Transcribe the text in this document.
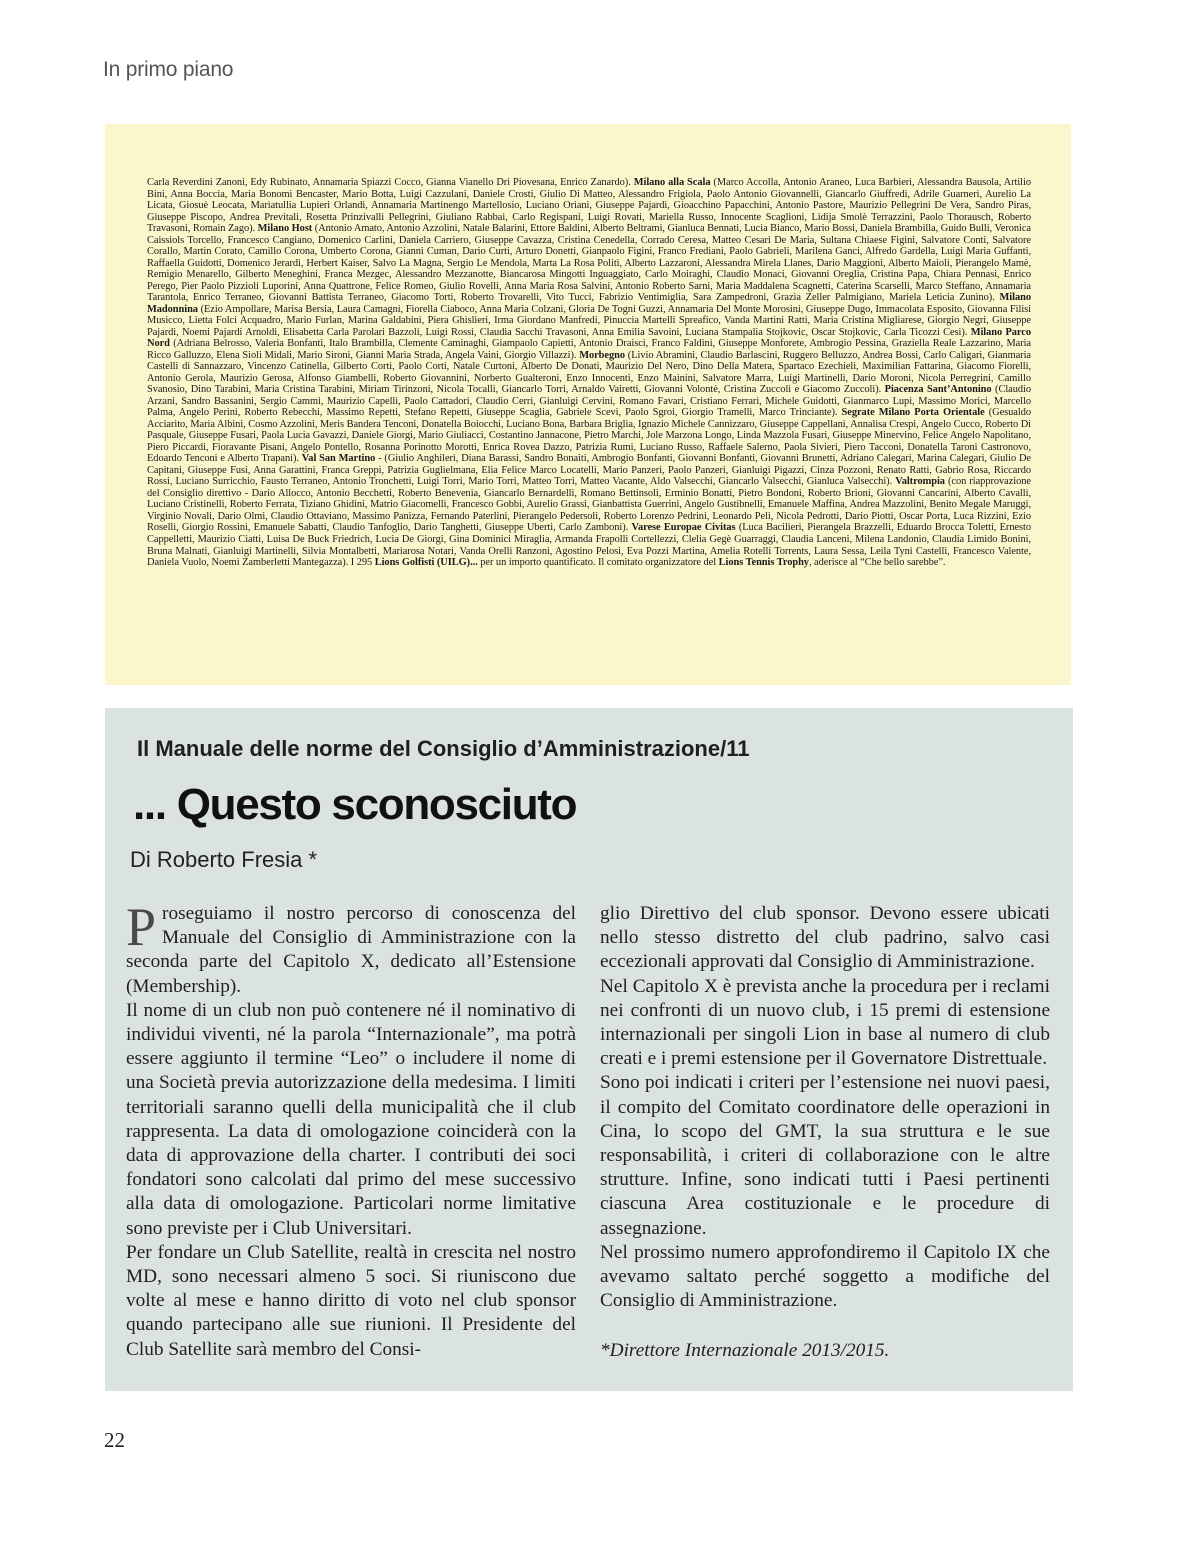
In primo piano
Carla Reverdini Zanoni, Edy Rubinato, Annamaria Spiazzi Cocco, Gianna Vianello Dri Piovesana, Enrico Zanardo). Milano alla Scala (Marco Accolla, Antonio Araneo, Luca Barbieri, Alessandra Bausola, Artilio Bini, Anna Boccia, Maria Bonomi Bencaster, Mario Botta, Luigi Cazzulani, Daniele Crosti, Giulio Di Matteo, Alessandro Frigiola, Paolo Antonio Giovannelli, Giancarlo Giuffredi, Adrile Guarneri, Aurelio La Licata, Giosuè Leocata, Mariatullia Lupieri Orlandi, Annamaria Martinengo Martellosio, Luciano Oriani, Giuseppe Pajardi, Gioacchino Papacchini, Antonio Pastore, Maurizio Pellegrini De Vera, Sandro Piras, Giuseppe Piscopo, Andrea Previtali, Rosetta Prinzivalli Pellegrini, Giuliano Rabbai, Carlo Regispani, Luigi Rovati, Mariella Russo, Innocente Scaglioni, Lidija Smolè Terrazzini, Paolo Thorausch, Roberto Travasoni, Romain Zago). Milano Host (Antonio Amato, Antonio Azzolini, Natale Balarini, Ettore Baldini, Alberto Beltrami, Gianluca Bennati, Lucia Bianco, Mario Bossi, Daniela Brambilla, Guido Bulli, Veronica Caissiols Torcello, Francesco Cangiano, Domenico Carlini, Daniela Carriero, Giuseppe Cavazza, Cristina Cenedella, Corrado Ceresa, Matteo Cesari De Maria, Sultana Chiaese Figini, Salvatore Conti, Salvatore Corallo, Martin Corato, Camillo Corona, Umberto Corona, Gianni Cuman, Dario Curti, Arturo Donetti, Gianpaolo Figini, Franco Frediani, Paolo Gabrieli, Marilena Ganci, Alfredo Gardella, Luigi Maria Guffanti, Raffaella Guidotti, Domenico Jerardi, Herbert Kaiser, Salvo La Magna, Sergio Le Mendola, Marta La Rosa Politi, Alberto Lazzaroni, Alessandra Mirela Llanes, Dario Maggioni, Alberto Maioli, Pierangelo Mamè, Remigio Menarello, Gilberto Meneghini, Franca Mezgec, Alessandro Mezzanotte, Biancarosa Mingotti Inguaggiato, Carlo Moiraghi, Claudio Monaci, Giovanni Oreglia, Cristina Papa, Chiara Pennasi, Enrico Perego, Pier Paolo Pizzioli Luporini, Anna Quattrone, Felice Romeo, Giulio Rovelli, Anna Maria Rosa Salvini, Antonio Roberto Sarni, Maria Maddalena Scagnetti, Caterina Scarselli, Marco Steffano, Annamaria Tarantola, Enrico Terraneo, Giovanni Battista Terraneo, Giacomo Torti, Roberto Trovarelli, Vito Tucci, Fabrizio Ventimiglia, Sara Zampedroni, Grazia Zeller Palmigiano, Mariela Leticia Zunino). Milano Madonnina (Ezio Ampollare, Marisa Bersia, Laura Camagni, Fiorella Ciaboco, Anna Maria Colzani, Gloria De Togni Guzzi, Annamaria Del Monte Morosini, Giuseppe Dugo, Immacolata Esposito, Giovanna Filisi Musicco, Lietta Folci Acquadro, Mario Furlan, Marina Galdabini, Piera Ghislieri, Irma Giordano Manfredi, Pinuccia Martelli Spreafico, Vanda Martini Ratti, Maria Cristina Migliarese, Giorgio Negri, Giuseppe Pajardi, Noemi Pajardi Arnoldi, Elisabetta Carla Parolari Bazzoli, Luigi Rossi, Claudia Sacchi Travasoni, Anna Emilia Savoini, Luciana Stampalia Stojkovic, Oscar Stojkovic, Carla Ticozzi Cesi). Milano Parco Nord (Adriana Belrosso, Valeria Bonfanti, Italo Brambilla, Clemente Caminaghi, Giampaolo Capietti, Antonio Draisci, Franco Faldini, Giuseppe Monforete, Ambrogio Pessina, Graziella Reale Lazzarino, Maria Ricco Galluzzo, Elena Sioli Midali, Mario Sironi, Gianni Maria Strada, Angela Vaini, Giorgio Villazzi). Morbegno (Livio Abramini, Claudio Barlascini, Ruggero Belluzzo, Andrea Bossi, Carlo Caligari, Gianmaria Castelli di Sannazzaro, Vincenzo Catinella, Gilberto Corti, Paolo Corti, Natale Curtoni, Alberto De Donati, Maurizio Del Nero, Dino Della Matera, Spartaco Ezechieli, Maximilian Fattarina, Giacomo Fiorelli, Antonio Gerola, Maurizio Gerosa, Alfonso Giambelli, Roberto Giovannini, Norberto Gualteroni, Enzo Innocenti, Enzo Mainini, Salvatore Marra, Luigi Martinelli, Dario Moroni, Nicola Perregrini, Camillo Svanosio, Dino Tarabini, Maria Cristina Tarabini, Miriam Tirinzoni, Nicola Tocalli, Giancarlo Torri, Arnaldo Vairetti, Giovanni Volontè, Cristina Zuccoli e Giacomo Zuccoli). Piacenza Sant’Antonino (Claudio Arzani, Sandro Bassanini, Sergio Cammi, Maurizio Capelli, Paolo Cattadori, Claudio Cerri, Gianluigi Cervini, Romano Favari, Cristiano Ferrari, Michele Guidotti, Gianmarco Lupi, Massimo Morici, Marcello Palma, Angelo Perini, Roberto Rebecchi, Massimo Repetti, Stefano Repetti, Giuseppe Scaglia, Gabriele Scevi, Paolo Sgroi, Giorgio Tramelli, Marco Trinciante). Segrate Milano Porta Orientale (Gesualdo Acciarito, Maria Albini, Cosmo Azzolini, Meris Bandera Tenconi, Donatella Boiocchi, Luciano Bona, Barbara Briglia, Ignazio Michele Cannizzaro, Giuseppe Cappellani, Annalisa Crespi, Angelo Cucco, Roberto Di Pasquale, Giuseppe Fusari, Paola Lucia Gavazzi, Daniele Giorgi, Mario Giuliacci, Costantino Jannacone, Pietro Marchi, Jole Marzona Longo, Linda Mazzola Fusari, Giuseppe Minervino, Felice Angelo Napolitano, Piero Piccardi, Fioravante Pisani, Angelo Pontello, Rosanna Porinotto Morotti, Enrica Rovea Dazzo, Patrizia Rumi, Luciano Russo, Raffaele Salerno, Paola Sivieri, Piero Tacconi, Donatella Taroni Castronovo, Edoardo Tenconi e Alberto Trapani). Val San Martino - (Giulio Anghileri, Diana Barassi, Sandro Bonaiti, Ambrogio Bonfanti, Giovanni Bonfanti, Giovanni Brunetti, Adriano Calegari, Marina Calegari, Giulio De Capitani, Giuseppe Fusi, Anna Garattini, Franca Greppi, Patrizia Guglielmana, Elia Felice Marco Locatelli, Mario Panzeri, Paolo Panzeri, Gianluigi Pigazzi, Cinza Pozzoni, Renato Ratti, Gabrio Rosa, Riccardo Rossi, Luciano Surricchio, Fausto Terraneo, Antonio Tronchetti, Luigi Torri, Mario Torri, Matteo Torri, Matteo Vacante, Aldo Valsecchi, Giancarlo Valsecchi, Gianluca Valsecchi). Valtrompia (con riapprovazione del Consiglio direttivo - Dario Allocco, Antonio Becchetti, Roberto Benevenia, Giancarlo Bernardelli, Romano Bettinsoli, Erminio Bonatti, Pietro Bondoni, Roberto Brioni, Giovanni Cancarini, Alberto Cavalli, Luciano Cristinelli, Roberto Ferrata, Tiziano Ghidini, Matrio Giacomelli, Francesco Gobbi, Aurelio Grassi, Gianbattista Guerrini, Angelo Gustibnelli, Emanuele Maffina, Andrea Mazzolini, Benito Megale Maruggi, Virginio Novali, Dario Olmi, Claudio Ottaviano, Massimo Panizza, Fernando Paterlini, Pierangelo Pedersoli, Roberto Lorenzo Pedrini, Leonardo Peli, Nicola Pedrotti, Dario Piotti, Oscar Porta, Luca Rizzini, Ezio Roselli, Giorgio Rossini, Emanuele Sabatti, Claudio Tanfoglio, Dario Tanghetti, Giuseppe Uberti, Carlo Zamboni). Varese Europae Civitas (Luca Bacilieri, Pierangela Brazzelli, Eduardo Brocca Toletti, Ernesto Cappelletti, Maurizio Ciatti, Luisa De Buck Friedrich, Lucia De Giorgi, Gina Dominici Miraglia, Armanda Frapolli Cortellezzi, Clelia Gegè Guarraggi, Claudia Lanceni, Milena Landonio, Claudia Limido Bonini, Bruna Malnati, Gianluigi Martinelli, Silvia Montalbetti, Mariarosa Notari, Vanda Orelli Ranzoni, Agostino Pelosi, Eva Pozzi Martina, Amelia Rotelli Torrents, Laura Sessa, Leila Tyni Castelli, Francesco Valente, Daniela Vuolo, Noemi Zamberletti Mantegazza). I 295 Lions Golfisti (UILG)... per un importo quantificato. Il comitato organizzatore del Lions Tennis Trophy, aderisce al “Che bello sarebbe”.
Il Manuale delle norme del Consiglio d’Amministrazione/11
... Questo sconosciuto
Di Roberto Fresia *

Proseguiamo il nostro percorso di conoscenza del Manuale del Consiglio di Amministrazione con la seconda parte del Capitolo X, dedicato all’Estensione (Membership).

Il nome di un club non può contenere né il nominativo di individui viventi, né la parola “Internazionale”, ma potrà essere aggiunto il termine “Leo” o includere il nome di una Società previa autorizzazione della medesima. I limiti territoriali saranno quelli della municipalità che il club rappresenta. La data di omologazione coinciderà con la data di approvazione della charter. I contributi dei soci fondatori sono calcolati dal primo del mese successivo alla data di omologazione. Particolari norme limitative sono previste per i Club Universitari.

Per fondare un Club Satellite, realtà in crescita nel nostro MD, sono necessari almeno 5 soci. Si riuniscono due volte al mese e hanno diritto di voto nel club sponsor quando partecipano alle sue riunioni. Il Presidente del Club Satellite sarà membro del Consi-

glio Direttivo del club sponsor. Devono essere ubicati nello stesso distretto del club padrino, salvo casi eccezionali approvati dal Consiglio di Amministrazione.

Nel Capitolo X è prevista anche la procedura per i reclami nei confronti di un nuovo club, i 15 premi di estensione internazionali per singoli Lion in base al numero di club creati e i premi estensione per il Governatore Distrettuale.

Sono poi indicati i criteri per l’estensione nei nuovi paesi, il compito del Comitato coordinatore delle operazioni in Cina, lo scopo del GMT, la sua struttura e le sue responsabilità, i criteri di collaborazione con le altre strutture. Infine, sono indicati tutti i Paesi pertinenti ciascuna Area costituzionale e le procedure di assegnazione.

Nel prossimo numero approfondiremo il Capitolo IX che avevamo saltato perché soggetto a modifiche del Consiglio di Amministrazione.

*Direttore Internazionale 2013/2015.

22
